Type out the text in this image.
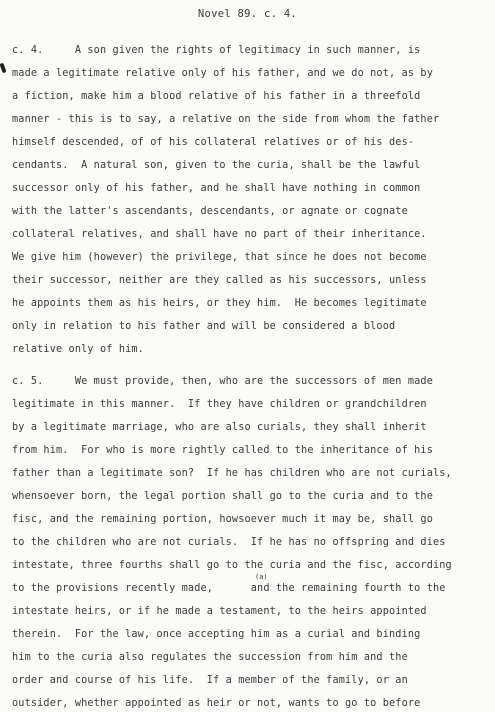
Novel 89. c. 4.
c. 4.     A son given the rights of legitimacy in such manner, is
made a legitimate relative only of his father, and we do not, as by
a fiction, make him a blood relative of his father in a threefold
manner - this is to say, a relative on the side from whom the father
himself descended, of of his collateral relatives or of his des-
cendants.  A natural son, given to the curia, shall be the lawful
successor only of his father, and he shall have nothing in common
with the latter's ascendants, descendants, or agnate or cognate
collateral relatives, and shall have no part of their inheritance.
We give him (however) the privilege, that since he does not become
their successor, neither are they called as his successors, unless
he appoints them as his heirs, or they him.  He becomes legitimate
only in relation to his father and will be considered a blood
relative only of him.
c. 5.     We must provide, then, who are the successors of men made
legitimate in this manner.  If they have children or grandchildren
by a legitimate marriage, who are also curials, they shall inherit
from him.  For who is more rightly called to the inheritance of his
father than a legitimate son?  If he has children who are not curials,
whensoever born, the legal portion shall go to the curia and to the
fisc, and the remaining portion, howsoever much it may be, shall go
to the children who are not curials.  If he has no offspring and dies
intestate, three fourths shall go to the curia and the fisc, according
to the provisions recently made,      and the remaining fourth to the
(a)
intestate heirs, or if he made a testament, to the heirs appointed
therein.  For the law, once accepting him as a curial and binding
him to the curia also regulates the succession from him and the
order and course of his life.  If a member of the family, or an
outsider, whether appointed as heir or not, wants to go to before
